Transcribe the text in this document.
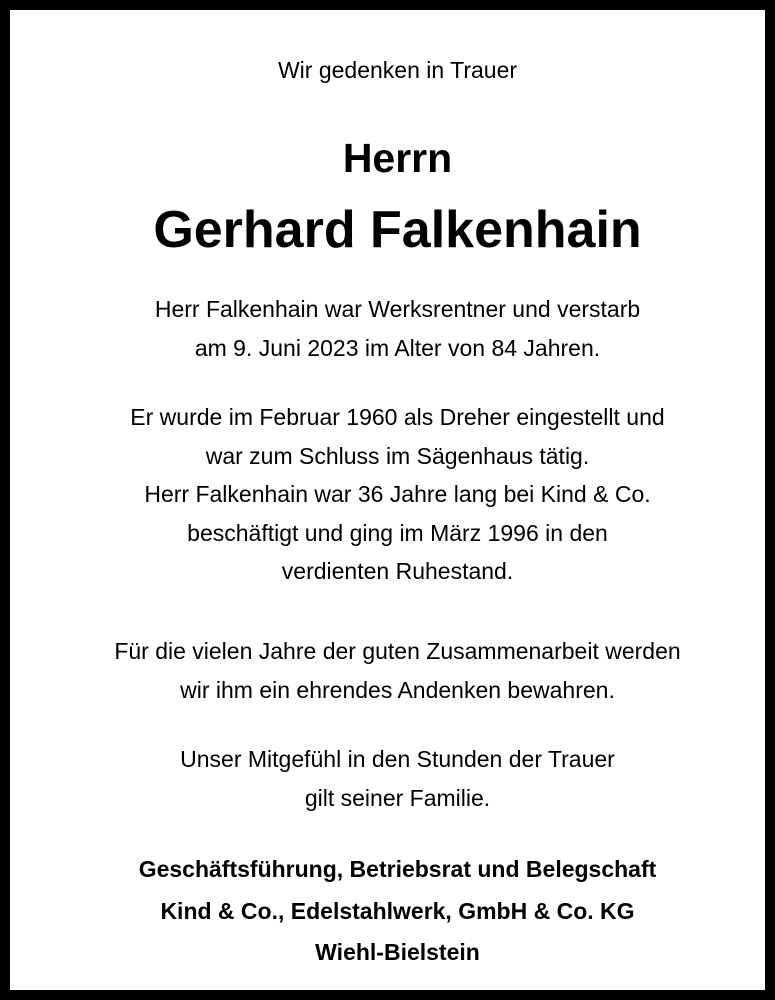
Wir gedenken in Trauer
Herrn
Gerhard Falkenhain
Herr Falkenhain war Werksrentner und verstarb
am 9. Juni 2023 im Alter von 84 Jahren.
Er wurde im Februar 1960 als Dreher eingestellt und
war zum Schluss im Sägenhaus tätig.
Herr Falkenhain war 36 Jahre lang bei Kind & Co.
beschäftigt und ging im März 1996 in den
verdienten Ruhestand.
Für die vielen Jahre der guten Zusammenarbeit werden
wir ihm ein ehrendes Andenken bewahren.
Unser Mitgefühl in den Stunden der Trauer
gilt seiner Familie.
Geschäftsführung, Betriebsrat und Belegschaft
Kind & Co., Edelstahlwerk, GmbH & Co. KG
Wiehl-Bielstein
